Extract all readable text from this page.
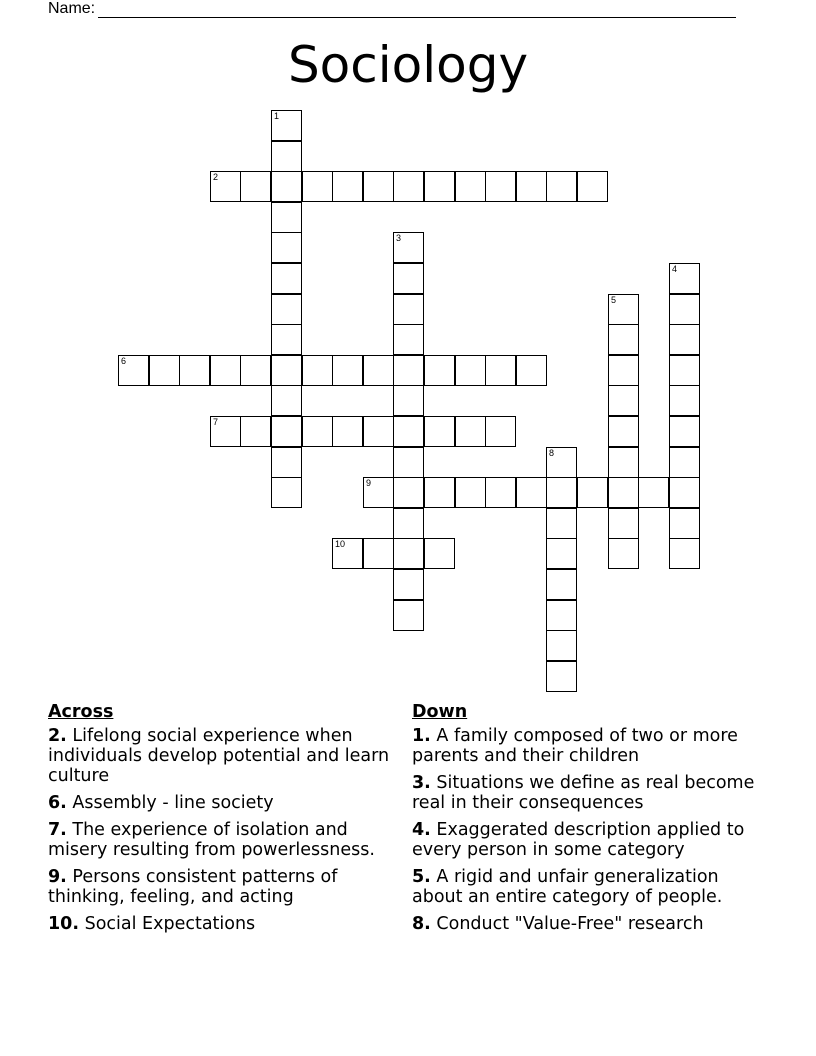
Name:
Sociology
1
2
3
4
5
6
7
8
9
10
Across
2. Lifelong social experience when individuals develop potential and learn culture
6. Assembly - line society
7. The experience of isolation and misery resulting from powerlessness.
9. Persons consistent patterns of thinking, feeling, and acting
10. Social Expectations
Down
1. A family composed of two or more parents and their children
3. Situations we define as real become real in their consequences
4. Exaggerated description applied to every person in some category
5. A rigid and unfair generalization about an entire category of people.
8. Conduct "Value-Free" research
